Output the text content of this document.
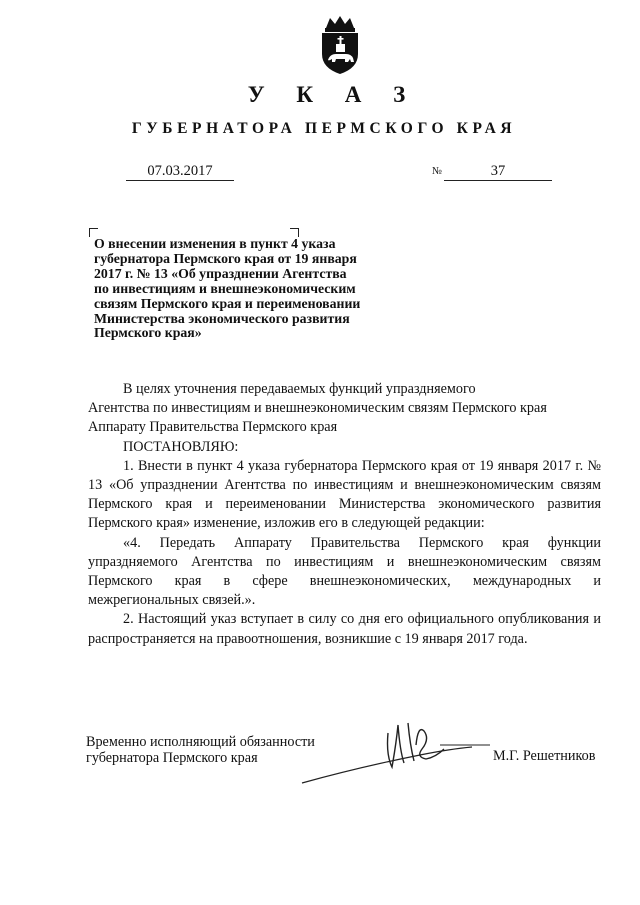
У К А З
ГУБЕРНАТОРА ПЕРМСКОГО КРАЯ
07.03.2017	№	37
О внесении изменения в пункт 4 указа
губернатора Пермского края от 19 января
2017 г. № 13 «Об упразднении Агентства
по инвестициям и внешнеэкономическим
связям Пермского края и переименовании
Министерства экономического развития
Пермского края»

В целях уточнения передаваемых функций упраздняемого

Агентства по инвестициям и внешнеэкономическим связям Пермского края

Аппарату Правительства Пермского края

ПОСТАНОВЛЯЮ:

1. Внести в пункт 4 указа губернатора Пермского края от 19 января 2017 г. № 13 «Об упразднении Агентства по инвестициям и внешнеэкономическим связям Пермского края и переименовании Министерства экономического развития Пермского края» изменение, изложив его в следующей редакции:

«4. Передать Аппарату Правительства Пермского края функции упраздняемого Агентства по инвестициям и внешнеэкономическим связям Пермского края в сфере внешнеэкономических, международных и межрегиональных связей.».

2. Настоящий указ вступает в силу со дня его официального опубликования и распространяется на правоотношения, возникшие с 19 января 2017 года.

Временно исполняющий обязанности
губернатора Пермского края	М.Г. Решетников
